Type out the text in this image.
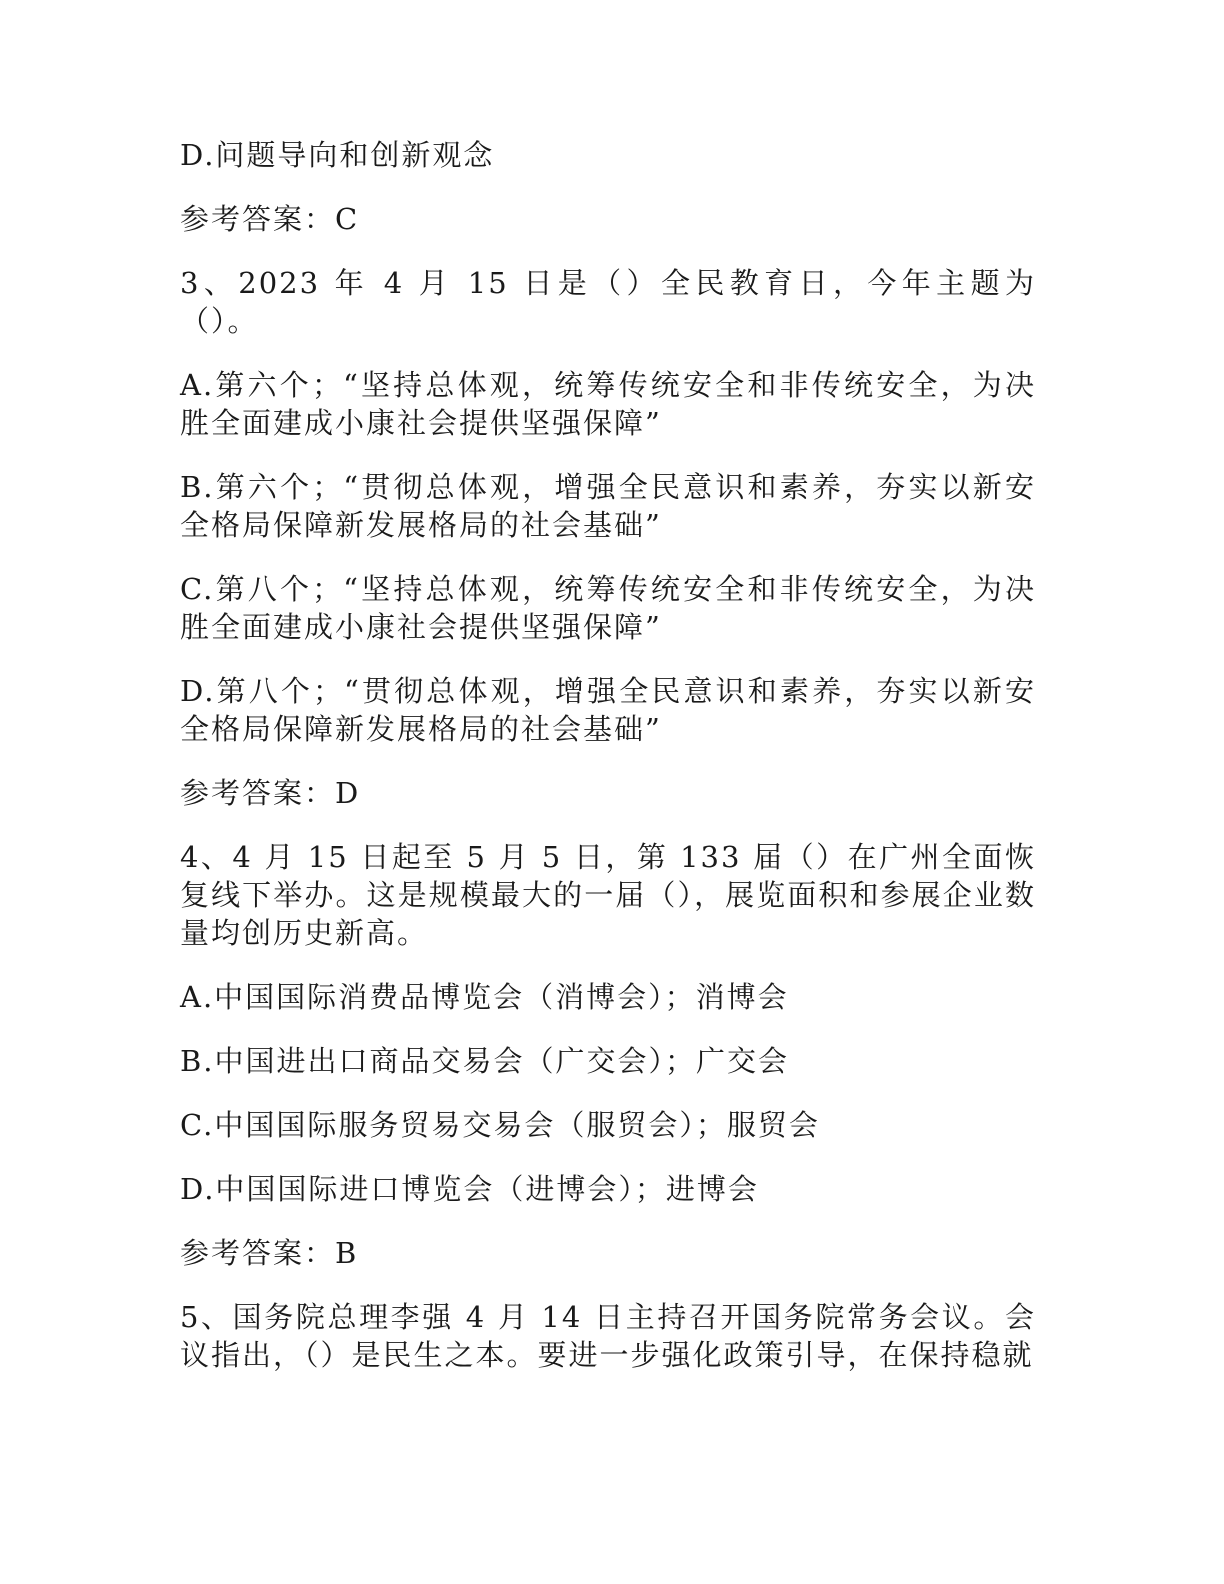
D.问题导向和创新观念

参考答案：C

3、2023 年 4 月 15 日是（）全民教育日，今年主题为（）。

A.第六个；“坚持总体观，统筹传统安全和非传统安全，为决胜全面建成小康社会提供坚强保障”

B.第六个；“贯彻总体观，增强全民意识和素养，夯实以新安全格局保障新发展格局的社会基础”

C.第八个；“坚持总体观，统筹传统安全和非传统安全，为决胜全面建成小康社会提供坚强保障”

D.第八个；“贯彻总体观，增强全民意识和素养，夯实以新安全格局保障新发展格局的社会基础”

参考答案：D

4、4 月 15 日起至 5 月 5 日，第 133 届（）在广州全面恢复线下举办。这是规模最大的一届（），展览面积和参展企业数量均创历史新高。

A.中国国际消费品博览会（消博会）；消博会

B.中国进出口商品交易会（广交会）；广交会

C.中国国际服务贸易交易会（服贸会）；服贸会

D.中国国际进口博览会（进博会）；进博会

参考答案：B

5、国务院总理李强 4 月 14 日主持召开国务院常务会议。会议指出，（）是民生之本。要进一步强化政策引导，在保持稳就
